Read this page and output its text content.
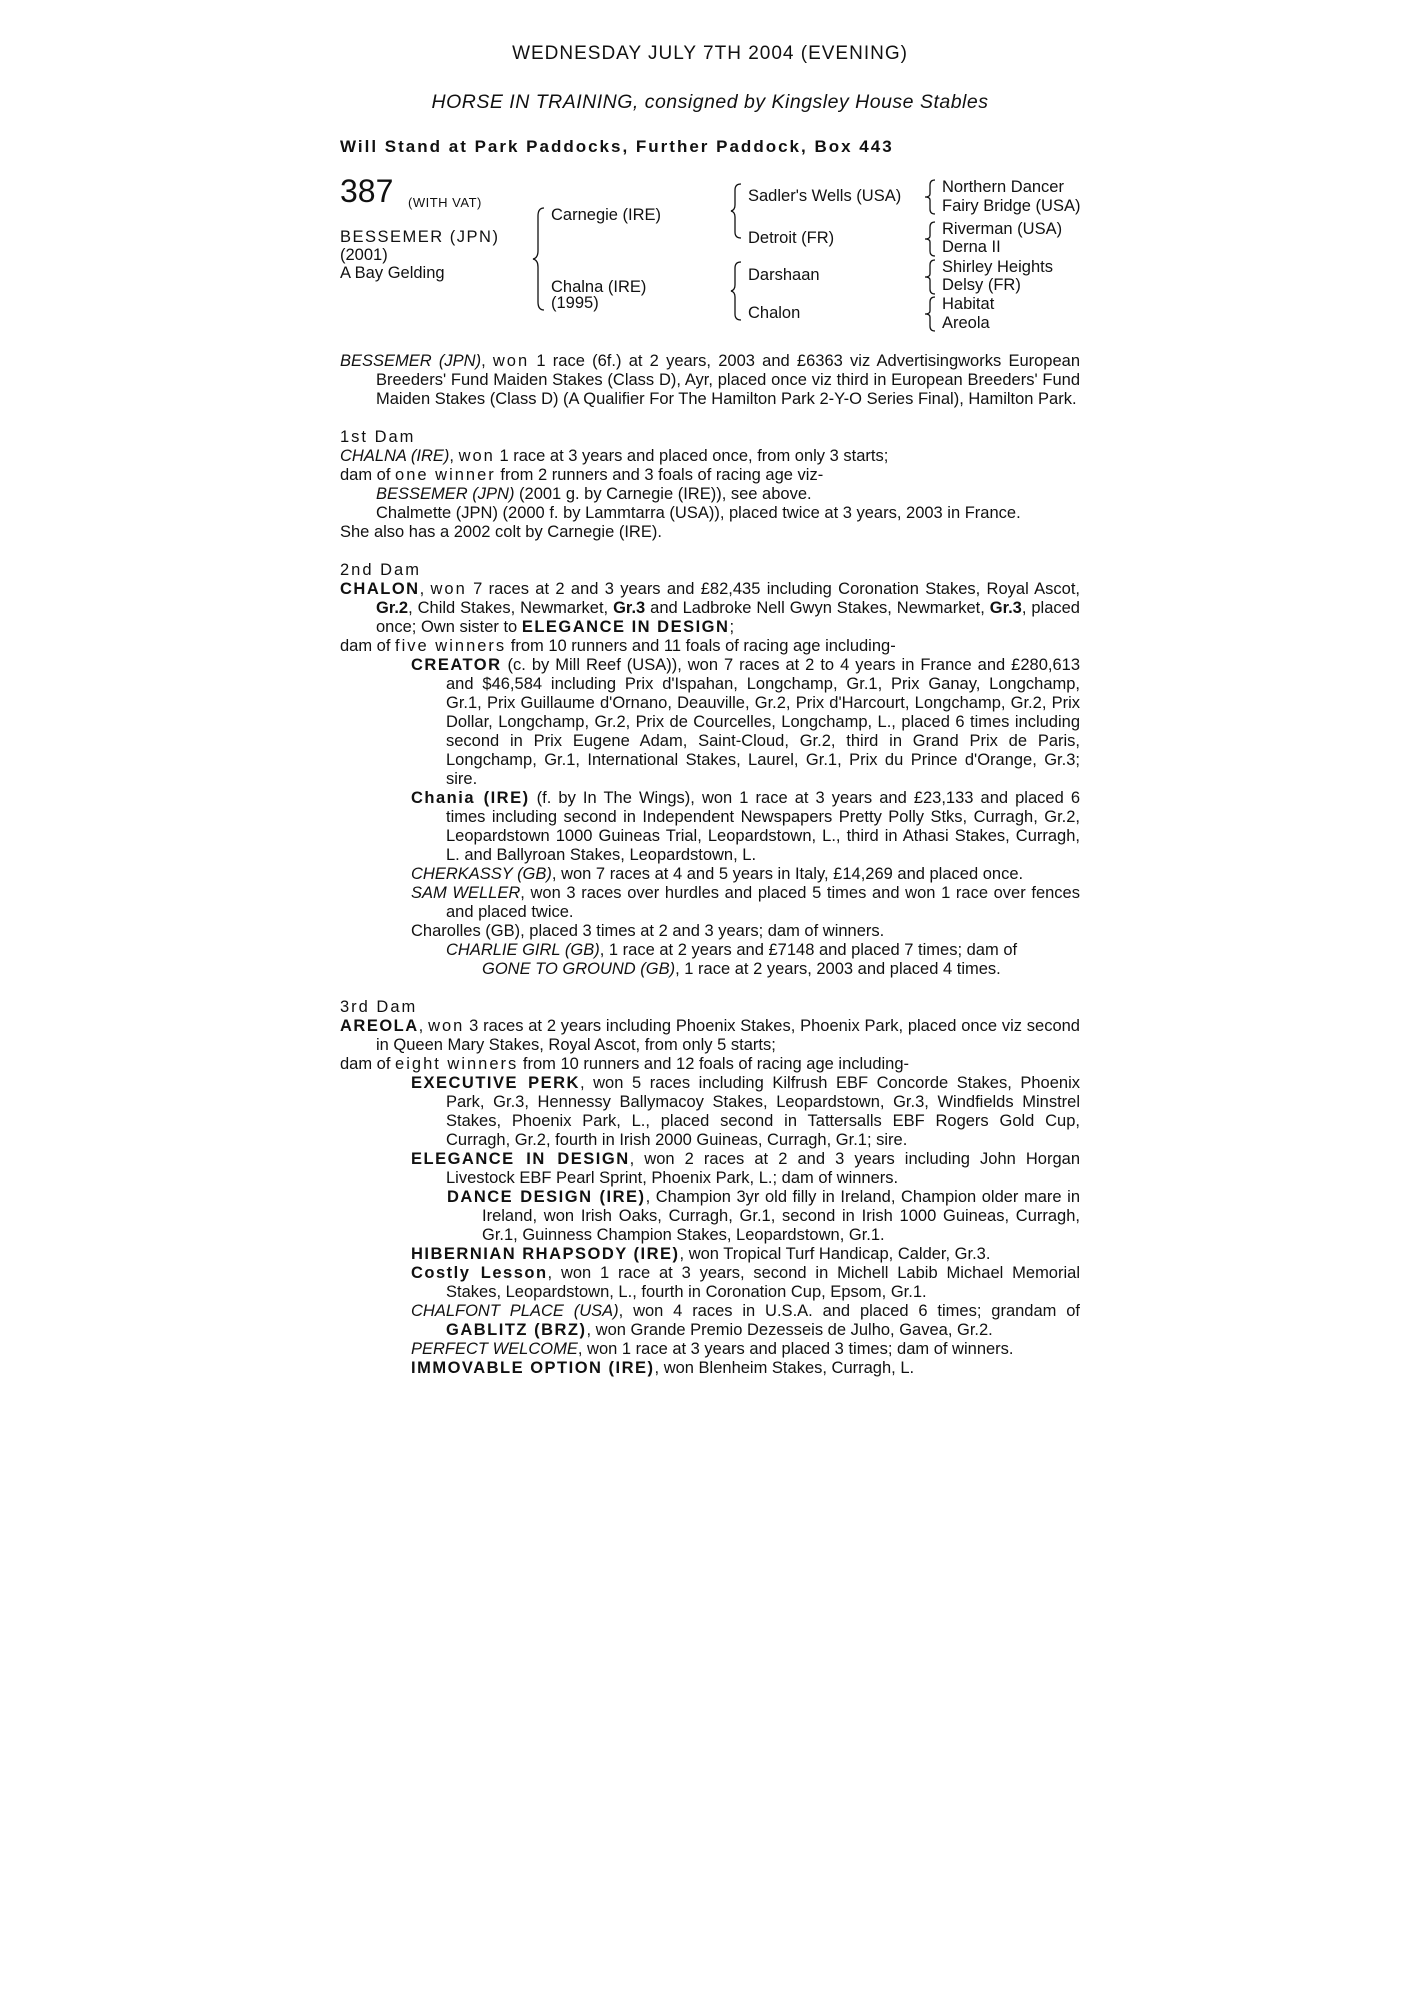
WEDNESDAY JULY 7TH 2004 (EVENING)
HORSE IN TRAINING, consigned by Kingsley House Stables
Will Stand at Park Paddocks, Further Paddock, Box 443
387 (WITH VAT)
BESSEMER (JPN)
(2001)
A Bay Gelding
Carnegie (IRE)
Chalna (IRE)
(1995)
Sadler's Wells (USA)
Detroit (FR)
Darshaan
Chalon
Northern Dancer
Fairy Bridge (USA)
Riverman (USA)
Derna II
Shirley Heights
Delsy (FR)
Habitat
Areola

BESSEMER (JPN), won 1 race (6f.) at 2 years, 2003 and £6363 viz Advertisingworks European Breeders' Fund Maiden Stakes (Class D), Ayr, placed once viz third in European Breeders' Fund Maiden Stakes (Class D) (A Qualifier For The Hamilton Park 2-Y-O Series Final), Hamilton Park.

1st Dam

CHALNA (IRE), won 1 race at 3 years and placed once, from only 3 starts;

dam of one winner from 2 runners and 3 foals of racing age viz-

BESSEMER (JPN) (2001 g. by Carnegie (IRE)), see above.

Chalmette (JPN) (2000 f. by Lammtarra (USA)), placed twice at 3 years, 2003 in France.

She also has a 2002 colt by Carnegie (IRE).

2nd Dam

CHALON, won 7 races at 2 and 3 years and £82,435 including Coronation Stakes, Royal Ascot, Gr.2, Child Stakes, Newmarket, Gr.3 and Ladbroke Nell Gwyn Stakes, Newmarket, Gr.3, placed once; Own sister to ELEGANCE IN DESIGN;

dam of five winners from 10 runners and 11 foals of racing age including-

CREATOR (c. by Mill Reef (USA)), won 7 races at 2 to 4 years in France and £280,613 and $46,584 including Prix d'Ispahan, Longchamp, Gr.1, Prix Ganay, Longchamp, Gr.1, Prix Guillaume d'Ornano, Deauville, Gr.2, Prix d'Harcourt, Longchamp, Gr.2, Prix Dollar, Longchamp, Gr.2, Prix de Courcelles, Longchamp, L., placed 6 times including second in Prix Eugene Adam, Saint-Cloud, Gr.2, third in Grand Prix de Paris, Longchamp, Gr.1, International Stakes, Laurel, Gr.1, Prix du Prince d'Orange, Gr.3; sire.

Chania (IRE) (f. by In The Wings), won 1 race at 3 years and £23,133 and placed 6 times including second in Independent Newspapers Pretty Polly Stks, Curragh, Gr.2, Leopardstown 1000 Guineas Trial, Leopardstown, L., third in Athasi Stakes, Curragh, L. and Ballyroan Stakes, Leopardstown, L.

CHERKASSY (GB), won 7 races at 4 and 5 years in Italy, £14,269 and placed once.

SAM WELLER, won 3 races over hurdles and placed 5 times and won 1 race over fences and placed twice.

Charolles (GB), placed 3 times at 2 and 3 years; dam of winners.

CHARLIE GIRL (GB), 1 race at 2 years and £7148 and placed 7 times; dam of

GONE TO GROUND (GB), 1 race at 2 years, 2003 and placed 4 times.

3rd Dam

AREOLA, won 3 races at 2 years including Phoenix Stakes, Phoenix Park, placed once viz second in Queen Mary Stakes, Royal Ascot, from only 5 starts;

dam of eight winners from 10 runners and 12 foals of racing age including-

EXECUTIVE PERK, won 5 races including Kilfrush EBF Concorde Stakes, Phoenix Park, Gr.3, Hennessy Ballymacoy Stakes, Leopardstown, Gr.3, Windfields Minstrel Stakes, Phoenix Park, L., placed second in Tattersalls EBF Rogers Gold Cup, Curragh, Gr.2, fourth in Irish 2000 Guineas, Curragh, Gr.1; sire.

ELEGANCE IN DESIGN, won 2 races at 2 and 3 years including John Horgan Livestock EBF Pearl Sprint, Phoenix Park, L.; dam of winners.

DANCE DESIGN (IRE), Champion 3yr old filly in Ireland, Champion older mare in Ireland, won Irish Oaks, Curragh, Gr.1, second in Irish 1000 Guineas, Curragh, Gr.1, Guinness Champion Stakes, Leopardstown, Gr.1.

HIBERNIAN RHAPSODY (IRE), won Tropical Turf Handicap, Calder, Gr.3.

Costly Lesson, won 1 race at 3 years, second in Michell Labib Michael Memorial Stakes, Leopardstown, L., fourth in Coronation Cup, Epsom, Gr.1.

CHALFONT PLACE (USA), won 4 races in U.S.A. and placed 6 times; grandam of GABLITZ (BRZ), won Grande Premio Dezesseis de Julho, Gavea, Gr.2.

PERFECT WELCOME, won 1 race at 3 years and placed 3 times; dam of winners.

IMMOVABLE OPTION (IRE), won Blenheim Stakes, Curragh, L.
